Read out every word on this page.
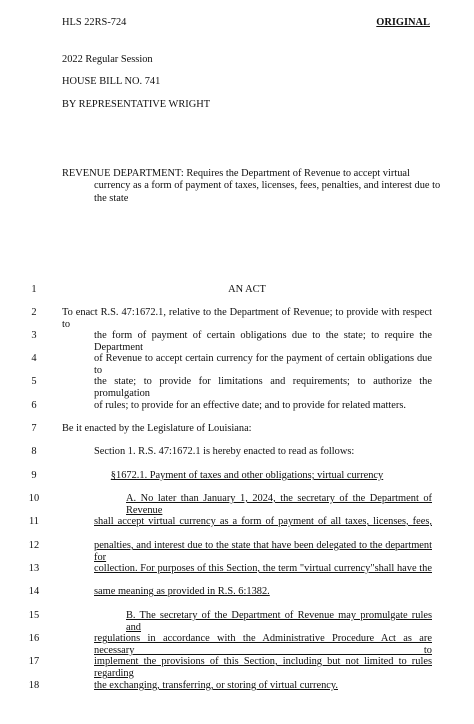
HLS 22RS-724	ORIGINAL
2022 Regular Session
HOUSE BILL NO. 741
BY REPRESENTATIVE WRIGHT
REVENUE DEPARTMENT: Requires the Department of Revenue to accept virtual
currency as a form of payment of taxes, licenses, fees, penalties, and interest due to
the state
1	AN ACT
2	To enact R.S. 47:1672.1, relative to the Department of Revenue; to provide with respect to
3	the form of payment of certain obligations due to the state; to require the Department
4	of Revenue to accept certain currency for the payment of certain obligations due to
5	the state; to provide for limitations and requirements; to authorize the promulgation
6	of rules; to provide for an effective date; and to provide for related matters.
7	Be it enacted by the Legislature of Louisiana:
8	Section 1. R.S. 47:1672.1 is hereby enacted to read as follows:
9	§1672.1. Payment of taxes and other obligations; virtual currency
10	A. No later than January 1, 2024, the secretary of the Department of Revenue
11	shall accept virtual currency as a form of payment of all taxes, licenses, fees,
12	penalties, and interest due to the state that have been delegated to the department for
13	collection. For purposes of this Section, the term "virtual currency"shall have the
14	same meaning as provided in R.S. 6:1382.
15	B. The secretary of the Department of Revenue may promulgate rules and
16	regulations in accordance with the Administrative Procedure Act as are necessary to
17	implement the provisions of this Section, including but not limited to rules regarding
18	the exchanging, transferring, or storing of virtual currency.
